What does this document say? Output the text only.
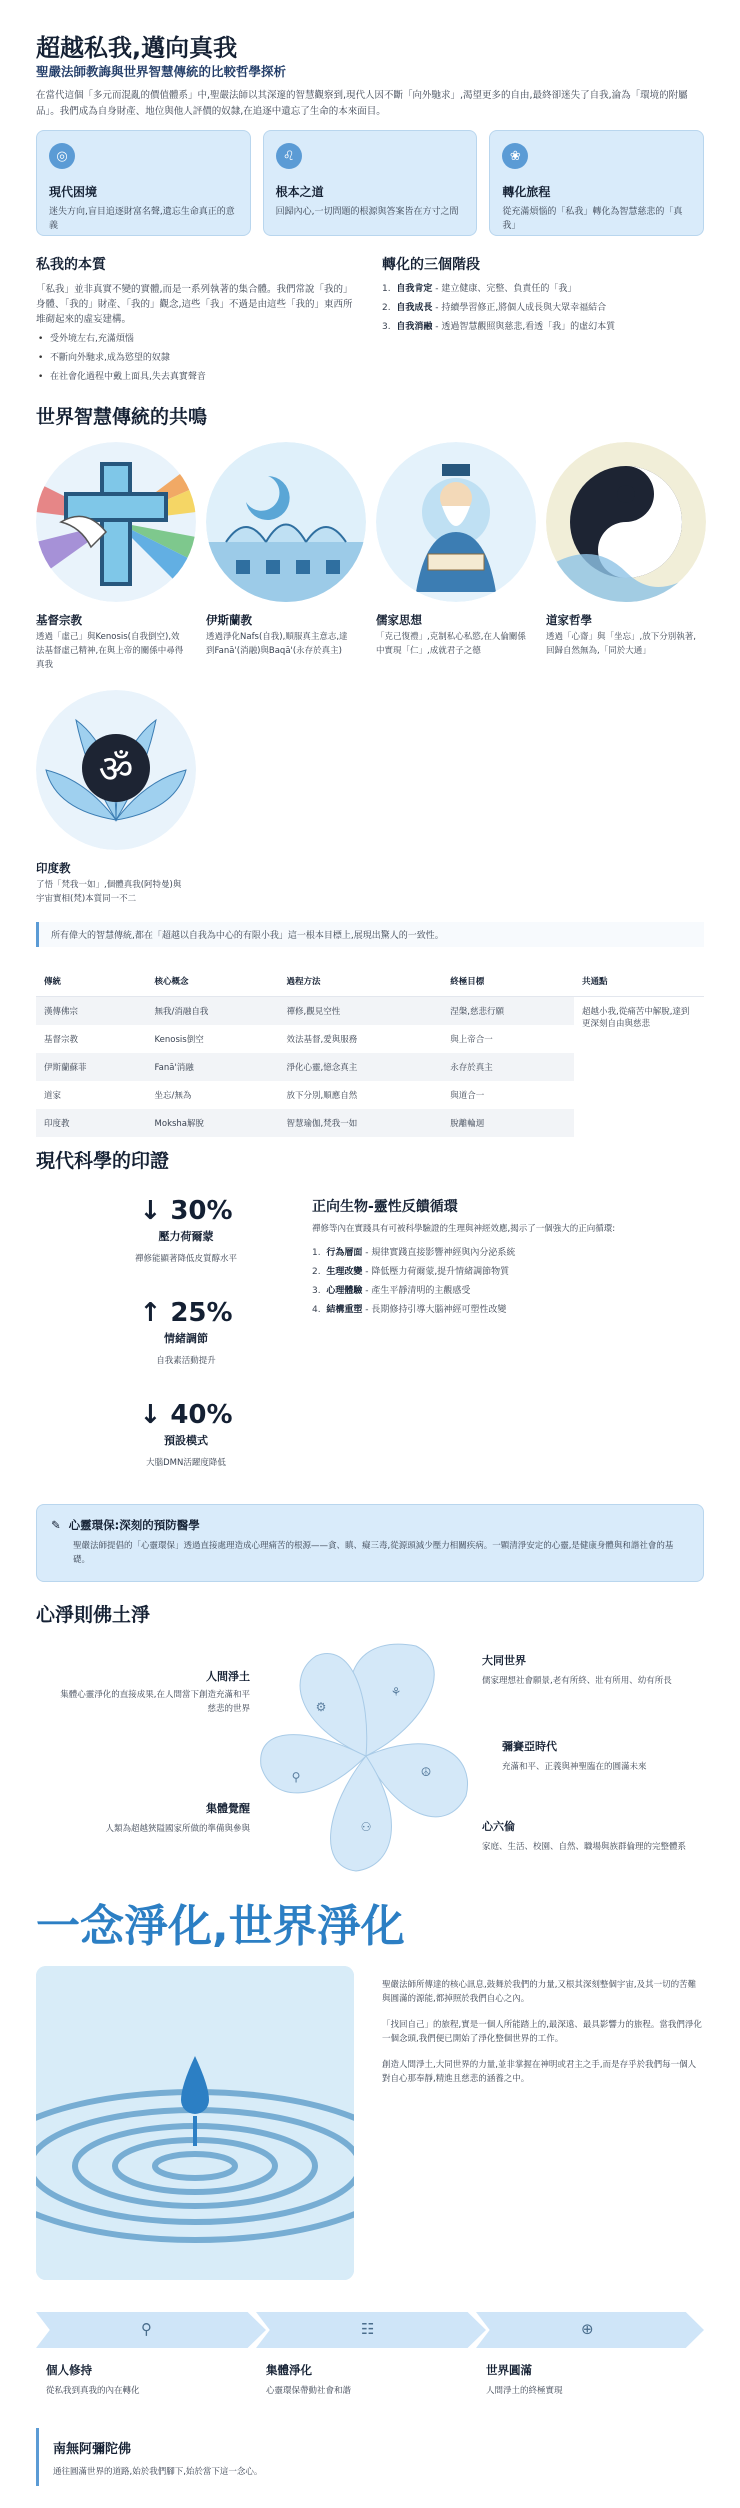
超越私我,邁向真我
聖嚴法師教誨與世界智慧傳統的比較哲學探析
在當代這個「多元而混亂的價值體系」中,聖嚴法師以其深邃的智慧觀察到,現代人因不斷「向外馳求」,渴望更多的自由,最終卻迷失了自我,淪為「環境的附屬品」。我們成為自身財產、地位與他人評價的奴隸,在追逐中遺忘了生命的本來面目。
◎
現代困境

迷失方向,盲目追逐財富名聲,遺忘生命真正的意義

♌
根本之道

回歸內心,一切問題的根源與答案皆在方寸之間

❀
轉化旅程

從充滿煩惱的「私我」轉化為智慧慈悲的「真我」

私我的本質
「私我」並非真實不變的實體,而是一系列執著的集合體。我們常說「我的」身體、「我的」財產、「我的」觀念,這些「我」不過是由這些「我的」東西所堆砌起來的虛妄建構。
• 受外境左右,充滿煩惱
• 不斷向外馳求,成為慾望的奴隸
• 在社會化過程中戴上面具,失去真實聲音
轉化的三個階段
1. 自我肯定 - 建立健康、完整、負責任的「我」
2. 自我成長 - 持續學習修正,將個人成長與大眾幸福結合
3. 自我消融 - 透過智慧觀照與慈悲,看透「我」的虛幻本質
世界智慧傳統的共鳴
基督宗教
透過「虛己」與Kenosis(自我倒空),效法基督虛己精神,在與上帝的關係中尋得真我
伊斯蘭教
透過淨化Nafs(自我),順服真主意志,達到Fanā'(消融)與Baqā'(永存於真主)
儒家思想
「克己復禮」,克制私心私慾,在人倫關係中實現「仁」,成就君子之德
道家哲學
透過「心齋」與「坐忘」,放下分別執著,回歸自然無為,「同於大通」
ॐ
印度教
了悟「梵我一如」,個體真我(阿特曼)與宇宙實相(梵)本質同一不二
所有偉大的智慧傳統,都在「超越以自我為中心的有限小我」這一根本目標上,展現出驚人的一致性。
傳統	核心概念	過程方法	終極目標	共通點
漢傳佛宗	無我/消融自我	禪修,觀見空性	涅槃,慈悲行願	超越小我,從痛苦中解脫,達到更深刻自由與慈悲
基督宗教	Kenosis倒空	效法基督,愛與服務	與上帝合一	
伊斯蘭蘇菲	Fanā'消融	淨化心靈,憶念真主	永存於真主	
道家	坐忘/無為	放下分別,順應自然	與道合一	
印度教	Moksha解脫	智慧瑜伽,梵我一如	脫離輪迴	
現代科學的印證
↓ 30%
壓力荷爾蒙
禪修能顯著降低皮質醇水平
↑ 25%
情緒調節
自我素活動提升
↓ 40%
預設模式
大腦DMN活躍度降低
正向生物-靈性反饋循環
禪修等內在實踐具有可被科學驗證的生理與神經效應,揭示了一個強大的正向循環:
1. 行為層面 - 規律實踐直接影響神經與內分泌系統
2. 生理改變 - 降低壓力荷爾蒙,提升情緒調節物質
3. 心理體驗 - 產生平靜清明的主觀感受
4. 結構重塑 - 長期修持引導大腦神經可塑性改變
✎ 心靈環保:深刻的預防醫學

聖嚴法師提倡的「心靈環保」透過直接處理造成心理痛苦的根源——貪、瞋、癡三毒,從源頭減少壓力相關疾病。一顆清淨安定的心靈,是健康身體與和諧社會的基礎。

心淨則佛土淨
⚘
☮
⚇
⚲
⚙
人間淨土
集體心靈淨化的直接成果,在人間當下創造充滿和平慈悲的世界
集體覺醒
人類為超越狹隘國家所做的準備與參與
大同世界
儒家理想社會願景,老有所終、壯有所用、幼有所長
彌賽亞時代
充滿和平、正義與神聖臨在的圓滿未來
心六倫
家庭、生活、校園、自然、職場與族群倫理的完整體系
一念淨化,世界淨化
聖嚴法師所傳達的核心訊息,鼓舞於我們的力量,又根其深刻整個宇宙,及其一切的苦難與圓滿的源能,都掉照於我們自心之內。
「找回自己」的旅程,實是一個人所能踏上的,最深遠、最具影響力的旅程。當我們淨化一個念頭,我們便已開始了淨化整個世界的工作。
創造人間淨土,大同世界的力量,並非掌握在神明或君主之手,而是存乎於我們每一個人對自心那奉靜,精進且慈悲的涵養之中。
⚲	☷	⊕
個人修持
從私我到真我的內在轉化
集體淨化
心靈環保帶動社會和諧
世界圓滿
人間淨土的終極實現
南無阿彌陀佛

通往圓滿世界的道路,始於我們腳下,始於當下這一念心。
